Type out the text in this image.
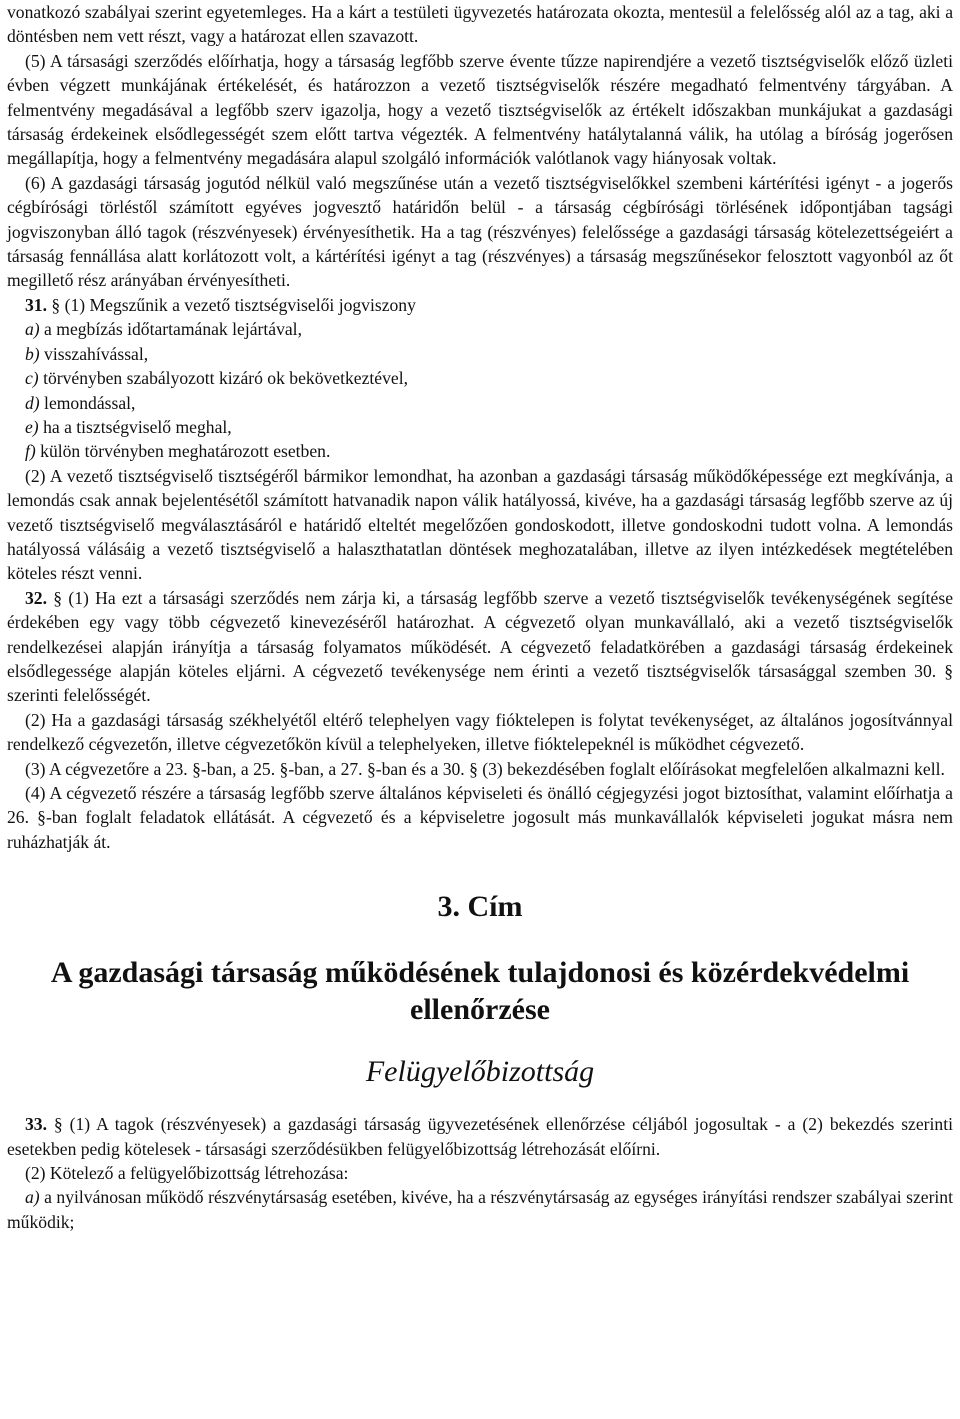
vonatkozó szabályai szerint egyetemleges. Ha a kárt a testületi ügyvezetés határozata okozta, mentesül a felelősség alól az a tag, aki a döntésben nem vett részt, vagy a határozat ellen szavazott.

(5) A társasági szerződés előírhatja, hogy a társaság legfőbb szerve évente tűzze napirendjére a vezető tisztségviselők előző üzleti évben végzett munkájának értékelését, és határozzon a vezető tisztségviselők részére megadható felmentvény tárgyában. A felmentvény megadásával a legfőbb szerv igazolja, hogy a vezető tisztségviselők az értékelt időszakban munkájukat a gazdasági társaság érdekeinek elsődlegességét szem előtt tartva végezték. A felmentvény hatálytalanná válik, ha utólag a bíróság jogerősen megállapítja, hogy a felmentvény megadására alapul szolgáló információk valótlanok vagy hiányosak voltak.

(6) A gazdasági társaság jogutód nélkül való megszűnése után a vezető tisztségviselőkkel szembeni kártérítési igényt - a jogerős cégbírósági törléstől számított egyéves jogvesztő határidőn belül - a társaság cégbírósági törlésének időpontjában tagsági jogviszonyban álló tagok (részvényesek) érvényesíthetik. Ha a tag (részvényes) felelőssége a gazdasági társaság kötelezettségeiért a társaság fennállása alatt korlátozott volt, a kártérítési igényt a tag (részvényes) a társaság megszűnésekor felosztott vagyonból az őt megillető rész arányában érvényesítheti.

31. § (1) Megszűnik a vezető tisztségviselői jogviszony

a) a megbízás időtartamának lejártával,

b) visszahívással,

c) törvényben szabályozott kizáró ok bekövetkeztével,

d) lemondással,

e) ha a tisztségviselő meghal,

f) külön törvényben meghatározott esetben.

(2) A vezető tisztségviselő tisztségéről bármikor lemondhat, ha azonban a gazdasági társaság működőképessége ezt megkívánja, a lemondás csak annak bejelentésétől számított hatvanadik napon válik hatályossá, kivéve, ha a gazdasági társaság legfőbb szerve az új vezető tisztségviselő megválasztásáról e határidő elteltét megelőzően gondoskodott, illetve gondoskodni tudott volna. A lemondás hatályossá válásáig a vezető tisztségviselő a halaszthatatlan döntések meghozatalában, illetve az ilyen intézkedések megtételében köteles részt venni.

32. § (1) Ha ezt a társasági szerződés nem zárja ki, a társaság legfőbb szerve a vezető tisztségviselők tevékenységének segítése érdekében egy vagy több cégvezető kinevezéséről határozhat. A cégvezető olyan munkavállaló, aki a vezető tisztségviselők rendelkezései alapján irányítja a társaság folyamatos működését. A cégvezető feladatkörében a gazdasági társaság érdekeinek elsődlegessége alapján köteles eljárni. A cégvezető tevékenysége nem érinti a vezető tisztségviselők társasággal szemben 30. § szerinti felelősségét.

(2) Ha a gazdasági társaság székhelyétől eltérő telephelyen vagy fióktelepen is folytat tevékenységet, az általános jogosítvánnyal rendelkező cégvezetőn, illetve cégvezetőkön kívül a telephelyeken, illetve fióktelepeknél is működhet cégvezető.

(3) A cégvezetőre a 23. §-ban, a 25. §-ban, a 27. §-ban és a 30. § (3) bekezdésében foglalt előírásokat megfelelően alkalmazni kell.

(4) A cégvezető részére a társaság legfőbb szerve általános képviseleti és önálló cégjegyzési jogot biztosíthat, valamint előírhatja a 26. §-ban foglalt feladatok ellátását. A cégvezető és a képviseletre jogosult más munkavállalók képviseleti jogukat másra nem ruházhatják át.

3. Cím
A gazdasági társaság működésének tulajdonosi és közérdekvédelmi ellenőrzése
Felügyelőbizottság

33. § (1) A tagok (részvényesek) a gazdasági társaság ügyvezetésének ellenőrzése céljából jogosultak - a (2) bekezdés szerinti esetekben pedig kötelesek - társasági szerződésükben felügyelőbizottság létrehozását előírni.

(2) Kötelező a felügyelőbizottság létrehozása:

a) a nyilvánosan működő részvénytársaság esetében, kivéve, ha a részvénytársaság az egységes irányítási rendszer szabályai szerint működik;
